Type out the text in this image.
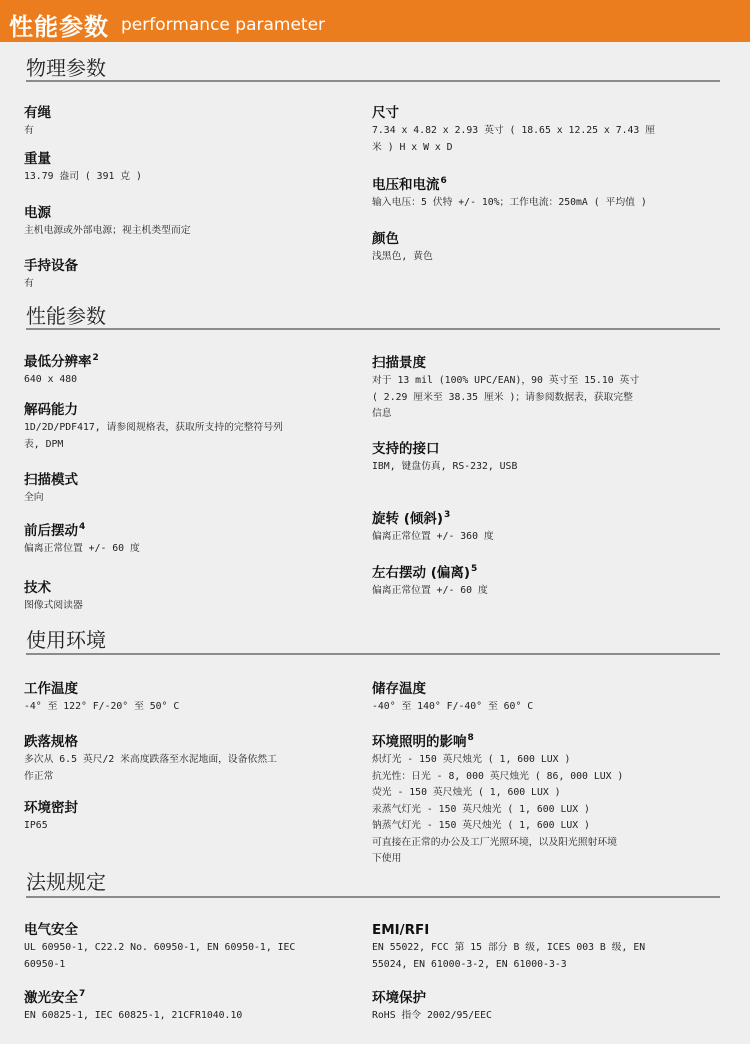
性能参数 performance parameter
物理参数
有绳
有
重量
13.79 盎司 ( 391 克 )
电源
主机电源或外部电源；视主机类型而定
手持设备
有
尺寸
7.34 x 4.82 x 2.93 英寸 ( 18.65 x 12.25 x 7.43 厘
米 ) H x W x D
电压和电流$^6$
输入电压：5 伏特 +/- 10%；工作电流：250mA ( 平均值 )
颜色
浅黑色, 黄色
性能参数
最低分辨率$^2$
640 x 480
解码能力
1D/2D/PDF417, 请参阅规格表，获取所支持的完整符号列
表, DPM
扫描模式
全向
前后摆动$^4$
偏离正常位置 +/- 60 度
技术
图像式阅读器
扫描景度
对于 13 mil (100% UPC/EAN)，90 英寸至 15.10 英寸
( 2.29 厘米至 38.35 厘米 )；请参阅数据表，获取完整
信息
支持的接口
IBM, 键盘仿真, RS-232, USB
旋转 (倾斜)$^3$
偏离正常位置 +/- 360 度
左右摆动 (偏离)$^5$
偏离正常位置 +/- 60 度
使用环境
工作温度
-4° 至 122° F/-20° 至 50° C
跌落规格
多次从 6.5 英尺/2 米高度跌落至水泥地面，设备依然工
作正常
环境密封
IP65
储存温度
-40° 至 140° F/-40° 至 60° C
环境照明的影响$^8$
炽灯光 - 150 英尺烛光 ( 1, 600 LUX )
抗光性：日光 - 8, 000 英尺烛光 ( 86, 000 LUX )
荧光 - 150 英尺烛光 ( 1, 600 LUX )
汞蒸气灯光 - 150 英尺烛光 ( 1, 600 LUX )
钠蒸气灯光 - 150 英尺烛光 ( 1, 600 LUX )
可直接在正常的办公及工厂光照环境，以及阳光照射环境
下使用
法规规定
电气安全
UL 60950-1, C22.2 No. 60950-1, EN 60950-1, IEC
60950-1
激光安全$^7$
EN 60825-1, IEC 60825-1, 21CFR1040.10
EMI/RFI
EN 55022, FCC 第 15 部分 B 级, ICES 003 B 级, EN
55024, EN 61000-3-2, EN 61000-3-3
环境保护
RoHS 指令 2002/95/EEC
